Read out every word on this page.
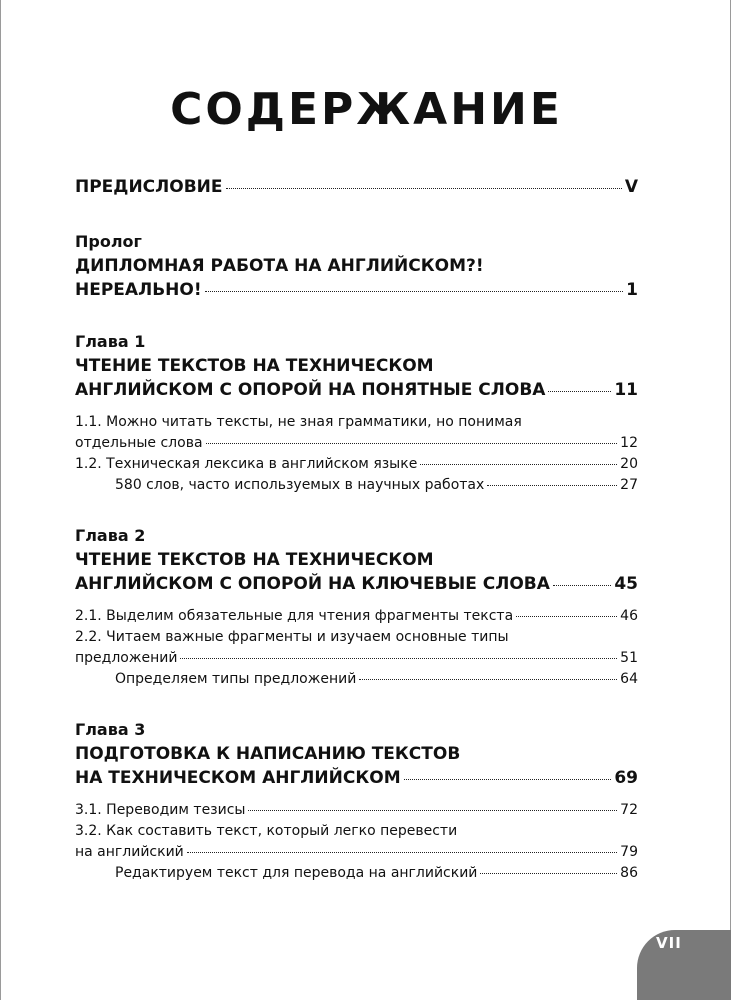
СОДЕРЖАНИЕ
ПРЕДИСЛОВИЕ	V
Пролог
ДИПЛОМНАЯ РАБОТА НА АНГЛИЙСКОМ?!
НЕРЕАЛЬНО!	1
Глава 1
ЧТЕНИЕ ТЕКСТОВ НА ТЕХНИЧЕСКОМ
АНГЛИЙСКОМ С ОПОРОЙ НА ПОНЯТНЫЕ СЛОВА	11
1.1. Можно читать тексты, не зная грамматики, но понимая
отдельные слова	12
1.2. Техническая лексика в английском языке	20
580 слов, часто используемых в научных работах	27
Глава 2
ЧТЕНИЕ ТЕКСТОВ НА ТЕХНИЧЕСКОМ
АНГЛИЙСКОМ С ОПОРОЙ НА КЛЮЧЕВЫЕ СЛОВА	45
2.1. Выделим обязательные для чтения фрагменты текста	46
2.2. Читаем важные фрагменты и изучаем основные типы
предложений	51
Определяем типы предложений	64
Глава 3
ПОДГОТОВКА К НАПИСАНИЮ ТЕКСТОВ
НА ТЕХНИЧЕСКОМ АНГЛИЙСКОМ	69
3.1. Переводим тезисы	72
3.2. Как составить текст, который легко перевести
на английский	79
Редактируем текст для перевода на английский	86
VII
